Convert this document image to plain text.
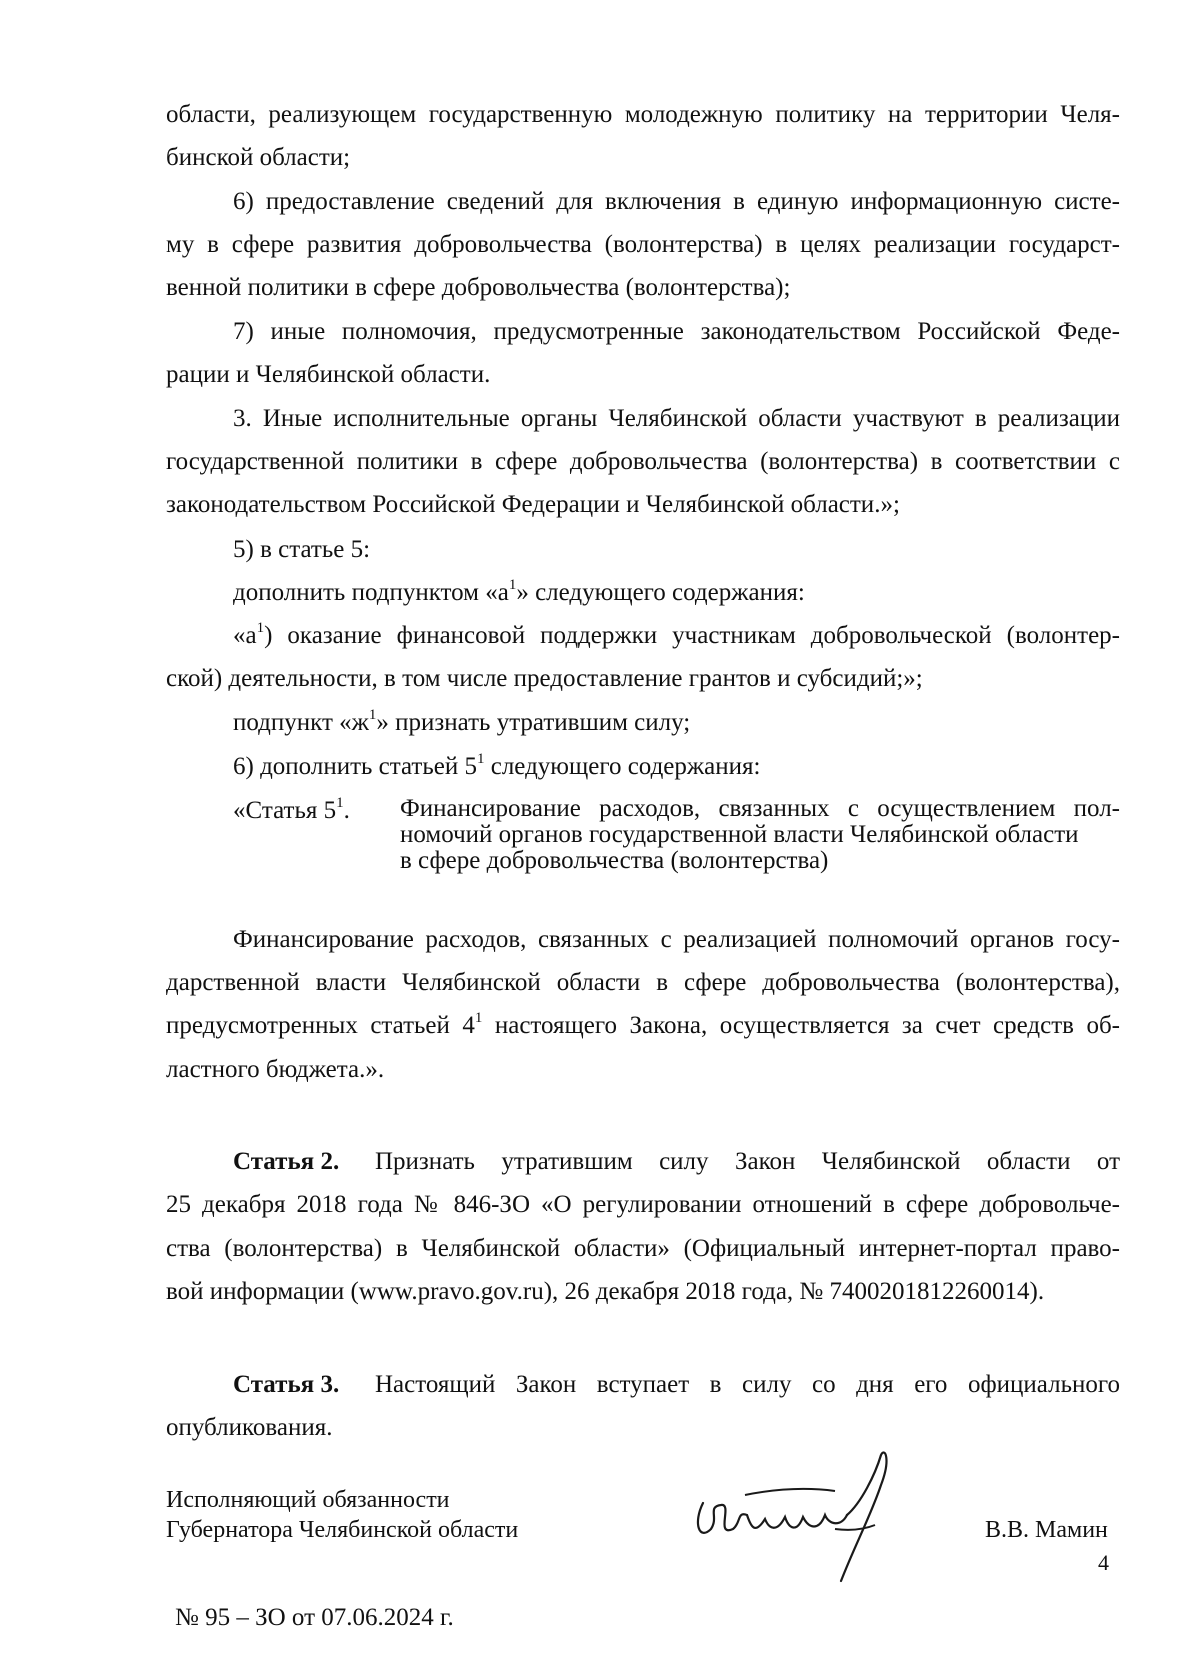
области, реализующем государственную молодежную политику на территории Челя-
бинской области;
6) предоставление сведений для включения в единую информационную систе-
му в сфере развития добровольчества (волонтерства) в целях реализации государст-
венной политики в сфере добровольчества (волонтерства);
7) иные полномочия, предусмотренные законодательством Российской Феде-
рации и Челябинской области.
3. Иные исполнительные органы Челябинской области участвуют в реализации
государственной политики в сфере добровольчества (волонтерства) в соответствии с
законодательством Российской Федерации и Челябинской области.»;
5) в статье 5:
дополнить подпунктом «$а^1$» следующего содержания:
«$а^1$) оказание финансовой поддержки участникам добровольческой (волонтер-
ской) деятельности, в том числе предоставление грантов и субсидий;»;
подпункт «$ж^1$» признать утратившим силу;
6) дополнить статьей $5^1$ следующего содержания:
«Статья $5^1$. Финансирование расходов, связанных с осуществлением пол-
номочий органов государственной власти Челябинской области
в сфере добровольчества (волонтерства)
Финансирование расходов, связанных с реализацией полномочий органов госу-
дарственной власти Челябинской области в сфере добровольчества (волонтерства),
предусмотренных статьей $4^1$ настоящего Закона, осуществляется за счет средств об-
ластного бюджета.».
Статья 2. Признать утратившим силу Закон Челябинской области от
25 декабря 2018 года № 846-ЗО «О регулировании отношений в сфере добровольче-
ства (волонтерства) в Челябинской области» (Официальный интернет-портал право-
вой информации (www.pravo.gov.ru), 26 декабря 2018 года, № 7400201812260014).
Статья 3. Настоящий Закон вступает в силу со дня его официального
опубликования.
Исполняющий обязанности
Губернатора Челябинской области	В.В. Мамин
4
№ 95 – ЗО от 07.06.2024 г.
